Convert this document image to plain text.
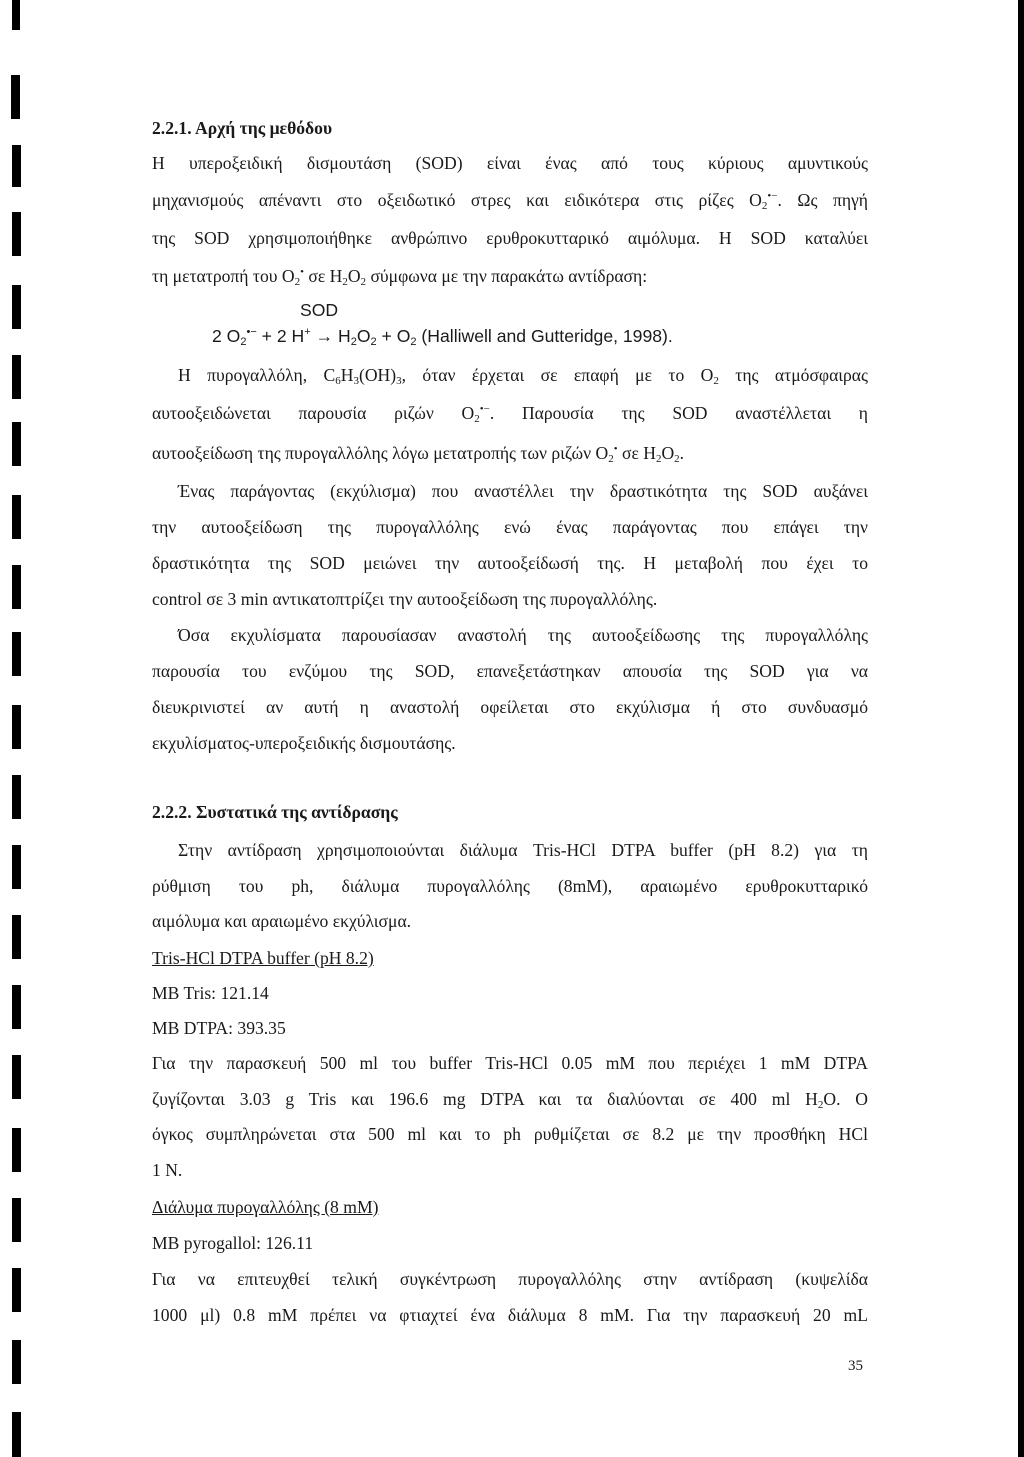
2.2.1. Αρχή της μεθόδου
Η υπεροξειδική δισμουτάση (SOD) είναι ένας από τους κύριους αμυντικούς
μηχανισμούς απέναντι στο οξειδωτικό στρες και ειδικότερα στις ρίζες $O_2^{•-}$. Ως πηγή
της SOD χρησιμοποιήθηκε ανθρώπινο ερυθροκυτταρικό αιμόλυμα. Η SOD καταλύει
τη μετατροπή του $O_2^•$ σε $H_2O_2$ σύμφωνα με την παρακάτω αντίδραση:
SOD
2 $O_2^{•-} + 2$ $H^+ \to H_2O_2 + O_2$ (Halliwell and Gutteridge, 1998).
Η πυρογαλλόλη, $C_6H_3(OH)_3$, όταν έρχεται σε επαφή με το $O_2$ της ατμόσφαιρας
αυτοοξειδώνεται παρουσία ριζών $O_2^{•-}$. Παρουσία της SOD αναστέλλεται η
αυτοοξείδωση της πυρογαλλόλης λόγω μετατροπής των ριζών $O_2^•$ σε $H_2O_2$.
Ένας παράγοντας (εκχύλισμα) που αναστέλλει την δραστικότητα της SOD αυξάνει
την αυτοοξείδωση της πυρογαλλόλης ενώ ένας παράγοντας που επάγει την
δραστικότητα της SOD μειώνει την αυτοοξείδωσή της. Η μεταβολή που έχει το
control σε 3 min αντικατοπτρίζει την αυτοοξείδωση της πυρογαλλόλης.
Όσα εκχυλίσματα παρουσίασαν αναστολή της αυτοοξείδωσης της πυρογαλλόλης
παρουσία του ενζύμου της SOD, επανεξετάστηκαν απουσία της SOD για να
διευκρινιστεί αν αυτή η αναστολή οφείλεται στο εκχύλισμα ή στο συνδυασμό
εκχυλίσματος-υπεροξειδικής δισμουτάσης.
2.2.2. Συστατικά της αντίδρασης
Στην αντίδραση χρησιμοποιούνται διάλυμα Tris-HCl DTPA buffer (pH 8.2) για τη
ρύθμιση του ph, διάλυμα πυρογαλλόλης (8mM), αραιωμένο ερυθροκυτταρικό
αιμόλυμα και αραιωμένο εκχύλισμα.
Tris-HCl DTPA buffer (pH 8.2)
MB Tris: 121.14
MB DTPA: 393.35
Για την παρασκευή 500 ml του buffer Tris-HCl 0.05 mM που περιέχει 1 mM DTPA
ζυγίζονται 3.03 g Tris και 196.6 mg DTPA και τα διαλύονται σε 400 ml $H_2O$. O
όγκος συμπληρώνεται στα 500 ml και το ph ρυθμίζεται σε 8.2 με την προσθήκη HCl
1 N.
Διάλυμα πυρογαλλόλης (8 mM)
MB pyrogallol: 126.11
Για να επιτευχθεί τελική συγκέντρωση πυρογαλλόλης στην αντίδραση (κυψελίδα
1000 μl) 0.8 mM πρέπει να φτιαχτεί ένα διάλυμα 8 mM. Για την παρασκευή 20 mL
35
